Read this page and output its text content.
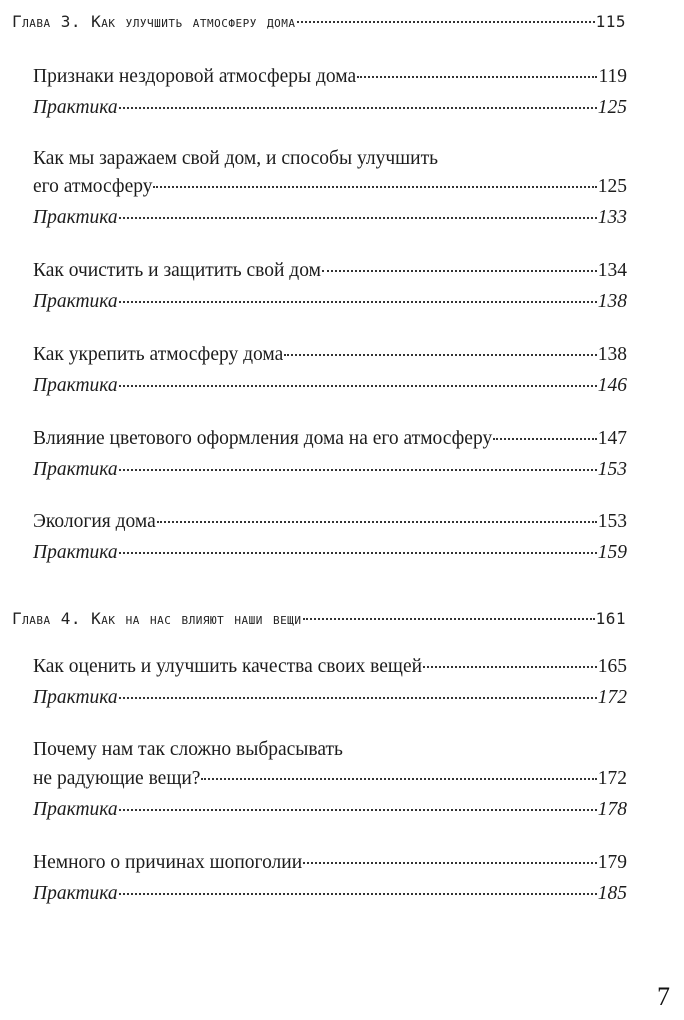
Глава 3. Как улучшить атмосферу дома	115
Признаки нездоровой атмосферы дома	119
Практика	125
Как мы заражаем свой дом, и способы улучшить
его атмосферу	125
Практика	133
Как очистить и защитить свой дом	134
Практика	138
Как укрепить атмосферу дома	138
Практика	146
Влияние цветового оформления дома на его атмосферу	147
Практика	153
Экология дома	153
Практика	159
Глава 4. Как на нас влияют наши вещи	161
Как оценить и улучшить качества своих вещей	165
Практика	172
Почему нам так сложно выбрасывать
не радующие вещи?	172
Практика	178
Немного о причинах шопоголии	179
Практика	185
7
